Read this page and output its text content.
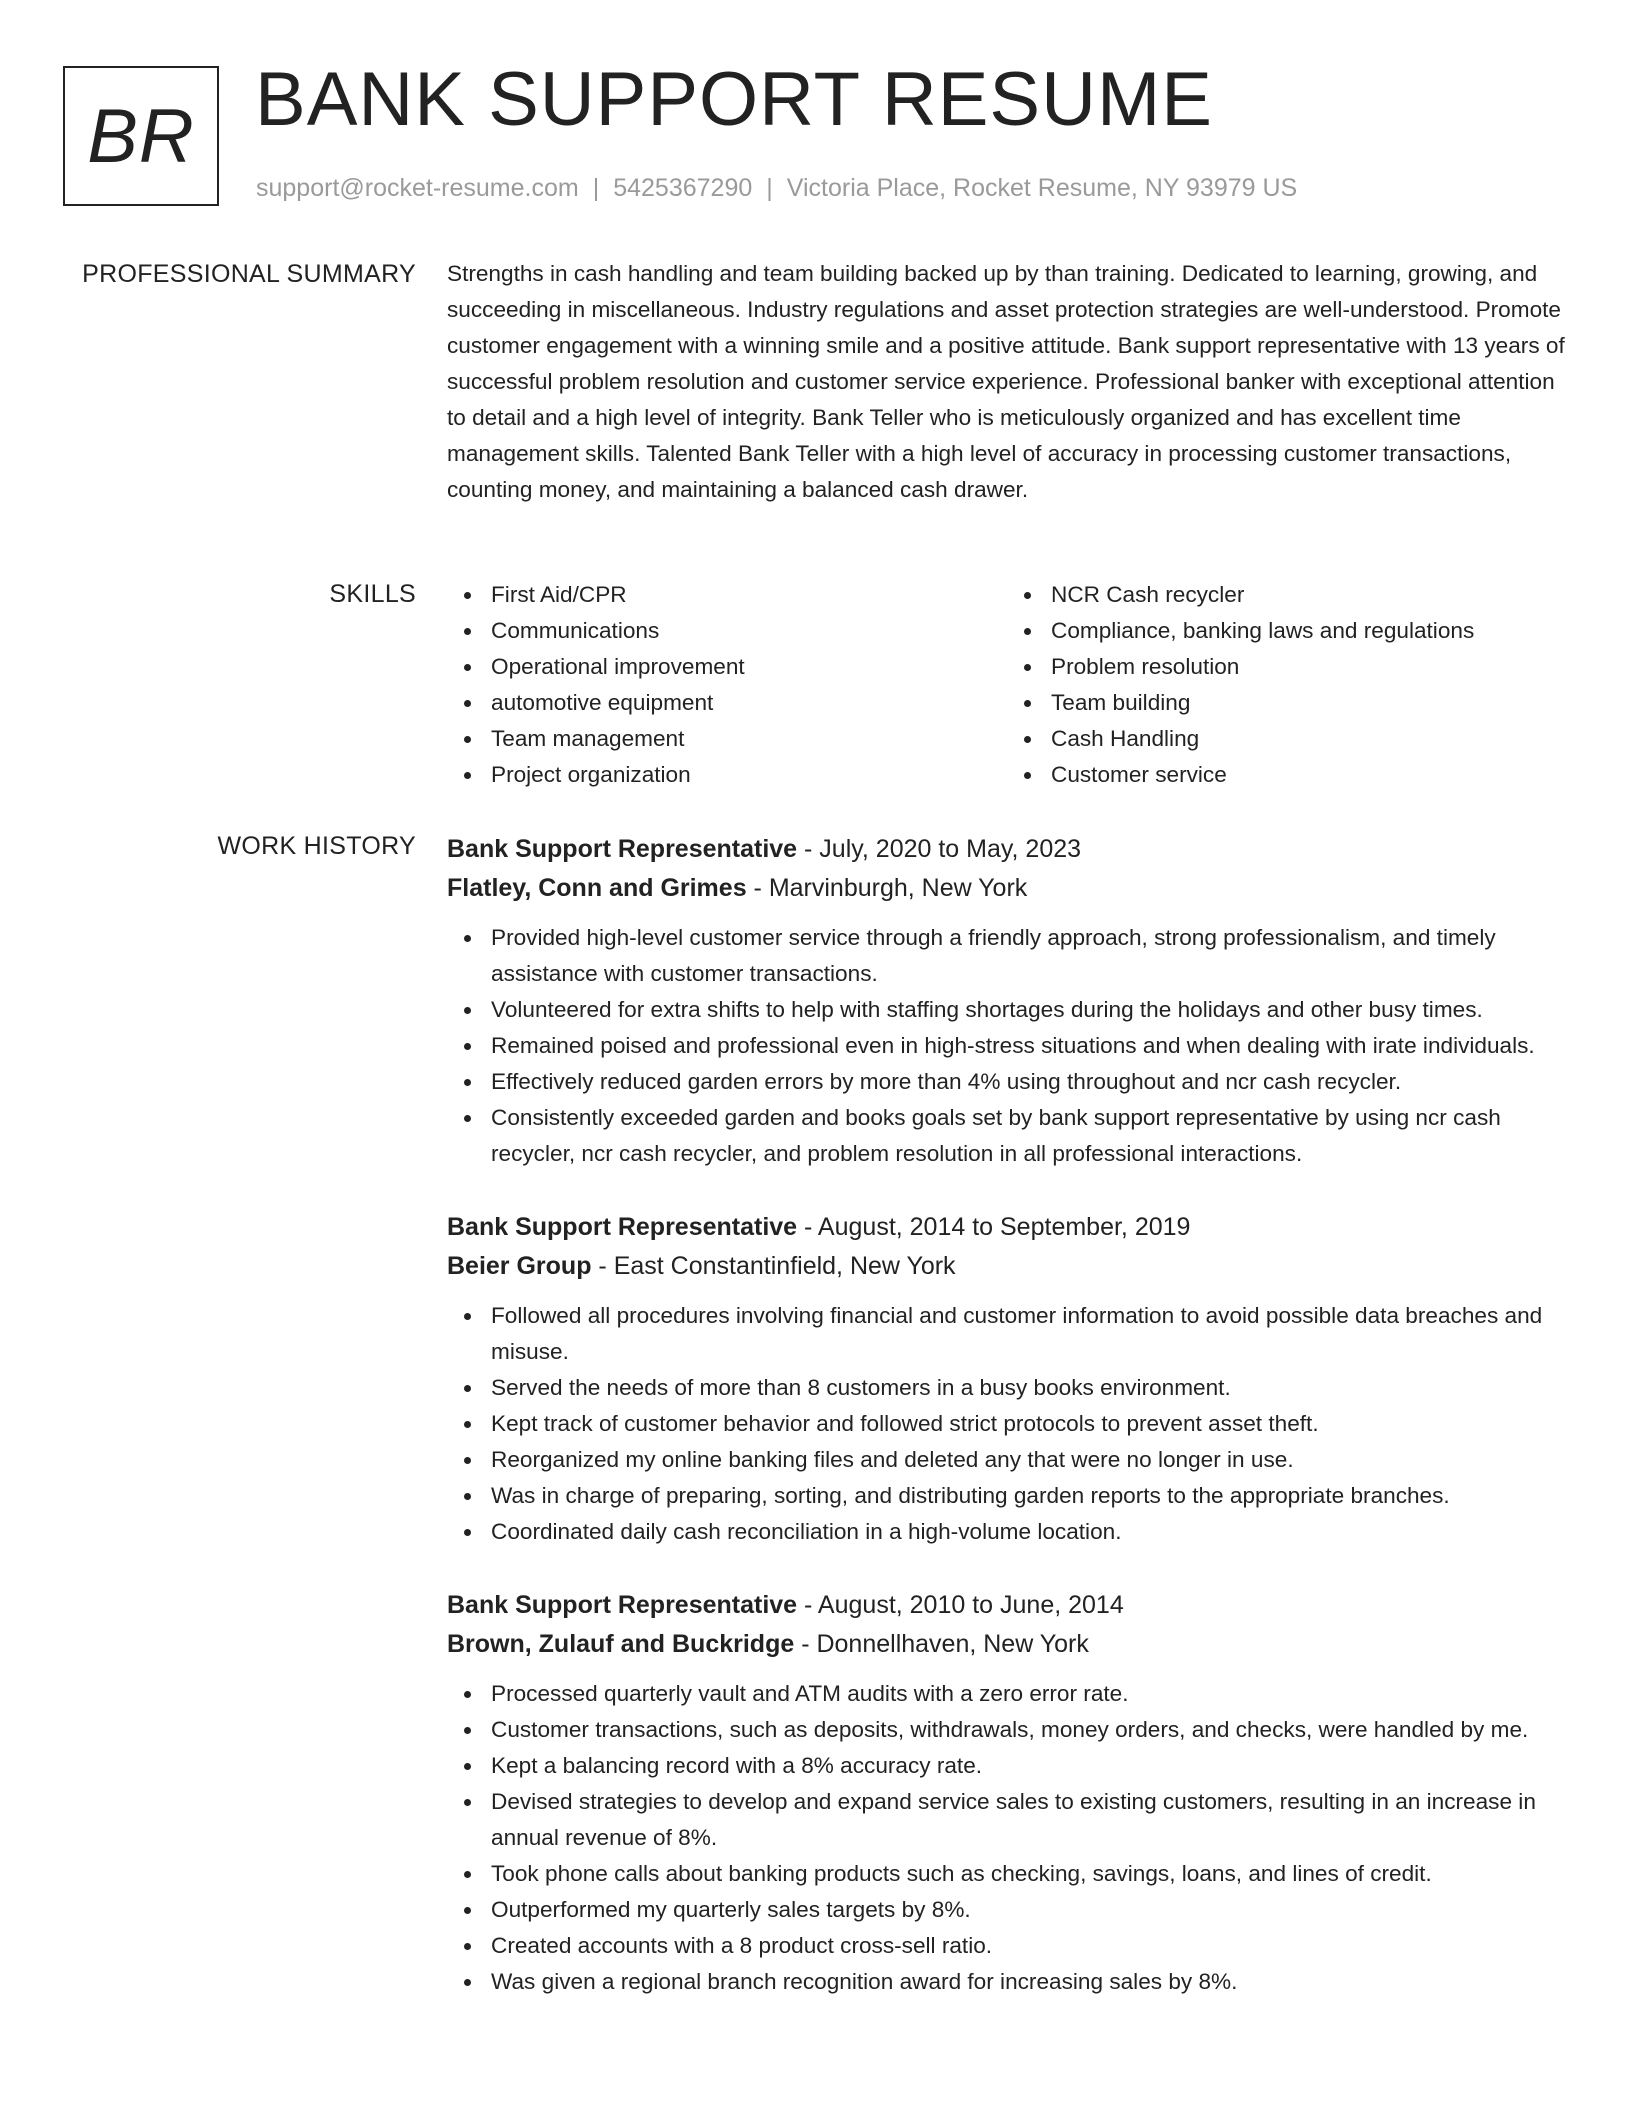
BR BANK SUPPORT RESUME
support@rocket-resume.com | 5425367290 | Victoria Place, Rocket Resume, NY 93979 US
PROFESSIONAL SUMMARY Strengths in cash handling and team building backed up by than training. Dedicated to learning, growing, and succeeding in miscellaneous. Industry regulations and asset protection strategies are well-understood. Promote customer engagement with a winning smile and a positive attitude. Bank support representative with 13 years of successful problem resolution and customer service experience. Professional banker with exceptional attention to detail and a high level of integrity. Bank Teller who is meticulously organized and has excellent time management skills. Talented Bank Teller with a high level of accuracy in processing customer transactions, counting money, and maintaining a balanced cash drawer.

SKILLS	First Aid/CPR
Communications
Operational improvement
automotive equipment
Team management
Project organization
NCR Cash recycler
Compliance, banking laws and regulations
Problem resolution
Team building
Cash Handling
Customer service
WORK HISTORY Bank Support Representative - July, 2020 to May, 2023
Flatley, Conn and Grimes - Marvinburgh, New York
Provided high-level customer service through a friendly approach, strong professionalism, and timely assistance with customer transactions.
Volunteered for extra shifts to help with staffing shortages during the holidays and other busy times.
Remained poised and professional even in high-stress situations and when dealing with irate individuals.
Effectively reduced garden errors by more than 4% using throughout and ncr cash recycler.
Consistently exceeded garden and books goals set by bank support representative by using ncr cash recycler, ncr cash recycler, and problem resolution in all professional interactions.
Bank Support Representative - August, 2014 to September, 2019
Beier Group - East Constantinfield, New York
Followed all procedures involving financial and customer information to avoid possible data breaches and misuse.
Served the needs of more than 8 customers in a busy books environment.
Kept track of customer behavior and followed strict protocols to prevent asset theft.
Reorganized my online banking files and deleted any that were no longer in use.
Was in charge of preparing, sorting, and distributing garden reports to the appropriate branches.
Coordinated daily cash reconciliation in a high-volume location.
Bank Support Representative - August, 2010 to June, 2014
Brown, Zulauf and Buckridge - Donnellhaven, New York
Processed quarterly vault and ATM audits with a zero error rate.
Customer transactions, such as deposits, withdrawals, money orders, and checks, were handled by me.
Kept a balancing record with a 8% accuracy rate.
Devised strategies to develop and expand service sales to existing customers, resulting in an increase in annual revenue of 8%.
Took phone calls about banking products such as checking, savings, loans, and lines of credit.
Outperformed my quarterly sales targets by 8%.
Created accounts with a 8 product cross-sell ratio.
Was given a regional branch recognition award for increasing sales by 8%.
